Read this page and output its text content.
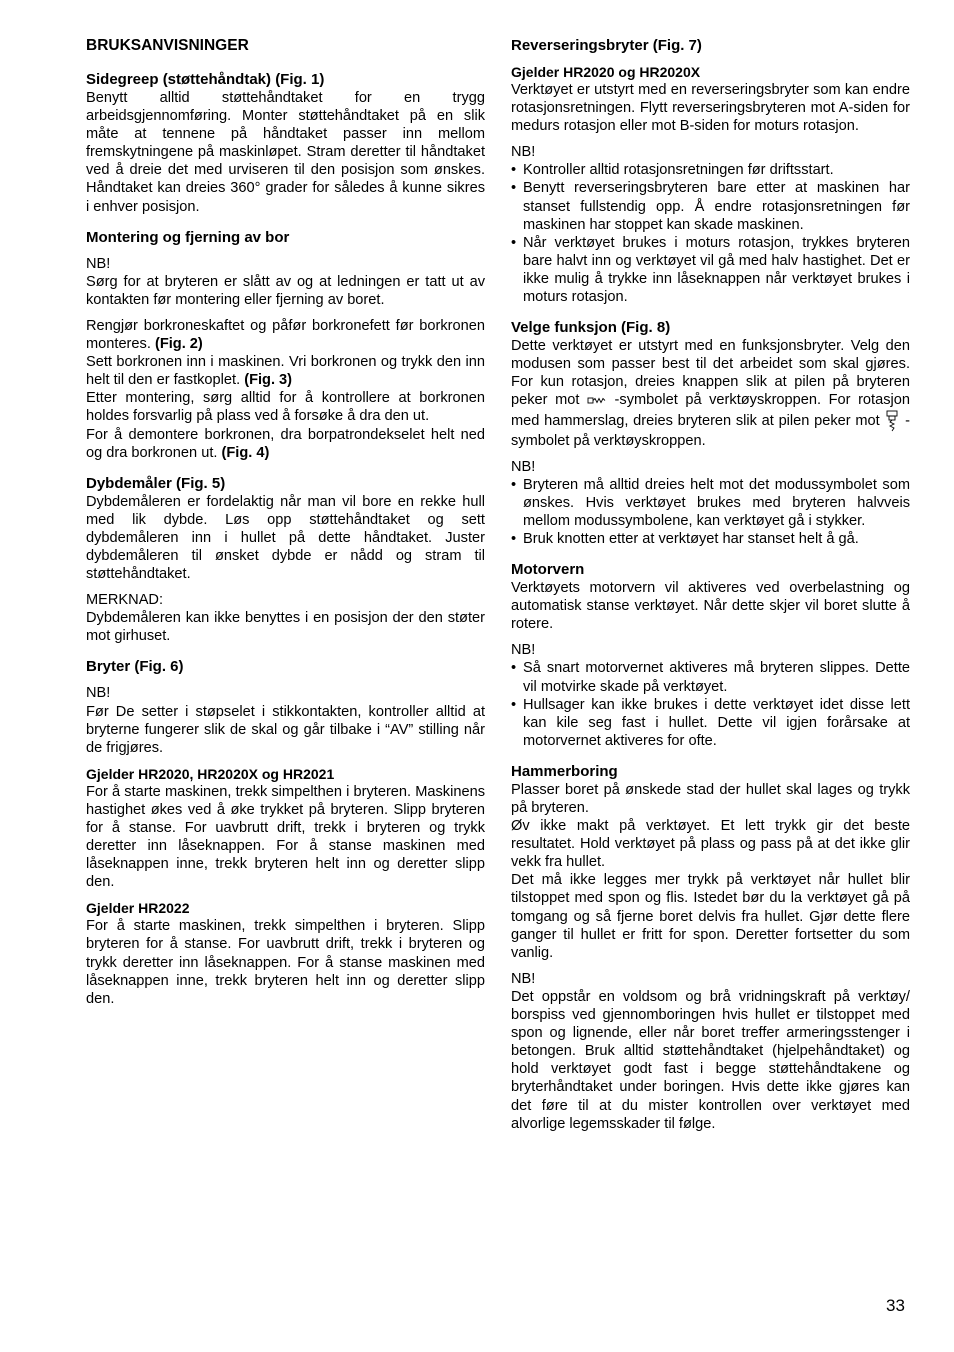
BRUKSANVISNINGER
Sidegreep (støttehåndtak) (Fig. 1)

Benytt alltid støttehåndtaket for en trygg arbeidsgjennomføring. Monter støttehåndtaket på en slik måte at tennene på håndtaket passer inn mellom fremskytningene på maskinløpet. Stram deretter til håndtaket ved å dreie det med urviseren til den posisjon som ønskes. Håndtaket kan dreies 360° grader for således å kunne sikres i enhver posisjon.

Montering og fjerning av bor

NB!

Sørg for at bryteren er slått av og at ledningen er tatt ut av kontakten før montering eller fjerning av boret.

Rengjør borkroneskaftet og påfør borkronefett før borkronen monteres. (Fig. 2)

Sett borkronen inn i maskinen. Vri borkronen og trykk den inn helt til den er fastkoplet. (Fig. 3)

Etter montering, sørg alltid for å kontrollere at borkronen holdes forsvarlig på plass ved å forsøke å dra den ut.

For å demontere borkronen, dra borpatrondekselet helt ned og dra borkronen ut. (Fig. 4)

Dybdemåler (Fig. 5)

Dybdemåleren er fordelaktig når man vil bore en rekke hull med lik dybde. Løs opp støttehåndtaket og sett dybdemåleren inn i hullet på dette håndtaket. Juster dybdemåleren til ønsket dybde er nådd og stram til støttehåndtaket.

MERKNAD:

Dybdemåleren kan ikke benyttes i en posisjon der den støter mot girhuset.

Bryter (Fig. 6)

NB!

Før De setter i støpselet i stikkontakten, kontroller alltid at bryterne fungerer slik de skal og går tilbake i “AV” stilling når de frigjøres.

Gjelder HR2020, HR2020X og HR2021

For å starte maskinen, trekk simpelthen i bryteren. Maskinens hastighet økes ved å øke trykket på bryteren. Slipp bryteren for å stanse. For uavbrutt drift, trekk i bryteren og trykk deretter inn låseknappen. For å stanse maskinen med låseknappen inne, trekk bryteren helt inn og deretter slipp den.

Gjelder HR2022

For å starte maskinen, trekk simpelthen i bryteren. Slipp bryteren for å stanse. For uavbrutt drift, trekk i bryteren og trykk deretter inn låseknappen. For å stanse maskinen med låseknappen inne, trekk bryteren helt inn og deretter slipp den.

Reverseringsbryter (Fig. 7)
Gjelder HR2020 og HR2020X

Verktøyet er utstyrt med en reverseringsbryter som kan endre rotasjonsretningen. Flytt reverseringsbryteren mot A-siden for medurs rotasjon eller mot B-siden for moturs rotasjon.

NB!

• Kontroller alltid rotasjonsretningen før driftsstart.
• Benytt reverseringsbryteren bare etter at maskinen har stanset fullstendig opp. Å endre rotasjonsretningen før maskinen har stoppet kan skade maskinen.
• Når verktøyet brukes i moturs rotasjon, trykkes bryteren bare halvt inn og verktøyet vil gå med halv hastighet. Det er ikke mulig å trykke inn låseknappen når verktøyet brukes i moturs rotasjon.
Velge funksjon (Fig. 8)

Dette verktøyet er utstyrt med en funksjonsbryter. Velg den modusen som passer best til det arbeidet som skal gjøres. For kun rotasjon, dreies knappen slik at pilen på bryteren peker mot -symbolet på verktøyskroppen. For rotasjon med hammerslag, dreies bryteren slik at pilen peker mot -symbolet på verktøyskroppen.

NB!

• Bryteren må alltid dreies helt mot det modussymbolet som ønskes. Hvis verktøyet brukes med bryteren halvveis mellom modussymbolene, kan verktøyet gå i stykker.
• Bruk knotten etter at verktøyet har stanset helt å gå.
Motorvern

Verktøyets motorvern vil aktiveres ved overbelastning og automatisk stanse verktøyet. Når dette skjer vil boret slutte å rotere.

NB!

• Så snart motorvernet aktiveres må bryteren slippes. Dette vil motvirke skade på verktøyet.
• Hullsager kan ikke brukes i dette verktøyet idet disse lett kan kile seg fast i hullet. Dette vil igjen forårsake at motorvernet aktiveres for ofte.
Hammerboring

Plasser boret på ønskede stad der hullet skal lages og trykk på bryteren.

Øv ikke makt på verktøyet. Et lett trykk gir det beste resultatet. Hold verktøyet på plass og pass på at det ikke glir vekk fra hullet.

Det må ikke legges mer trykk på verktøyet når hullet blir tilstoppet med spon og flis. Istedet bør du la verktøyet gå på tomgang og så fjerne boret delvis fra hullet. Gjør dette flere ganger til hullet er fritt for spon. Deretter fortsetter du som vanlig.

NB!

Det oppstår en voldsom og brå vridningskraft på verktøy/ borspiss ved gjennomboringen hvis hullet er tilstoppet med spon og lignende, eller når boret treffer armeringsstenger i betongen. Bruk alltid støttehåndtaket (hjelpehåndtaket) og hold verktøyet godt fast i begge støttehåndtakene og bryterhåndtaket under boringen. Hvis dette ikke gjøres kan det føre til at du mister kontrollen over verktøyet med alvorlige legemsskader til følge.

33
